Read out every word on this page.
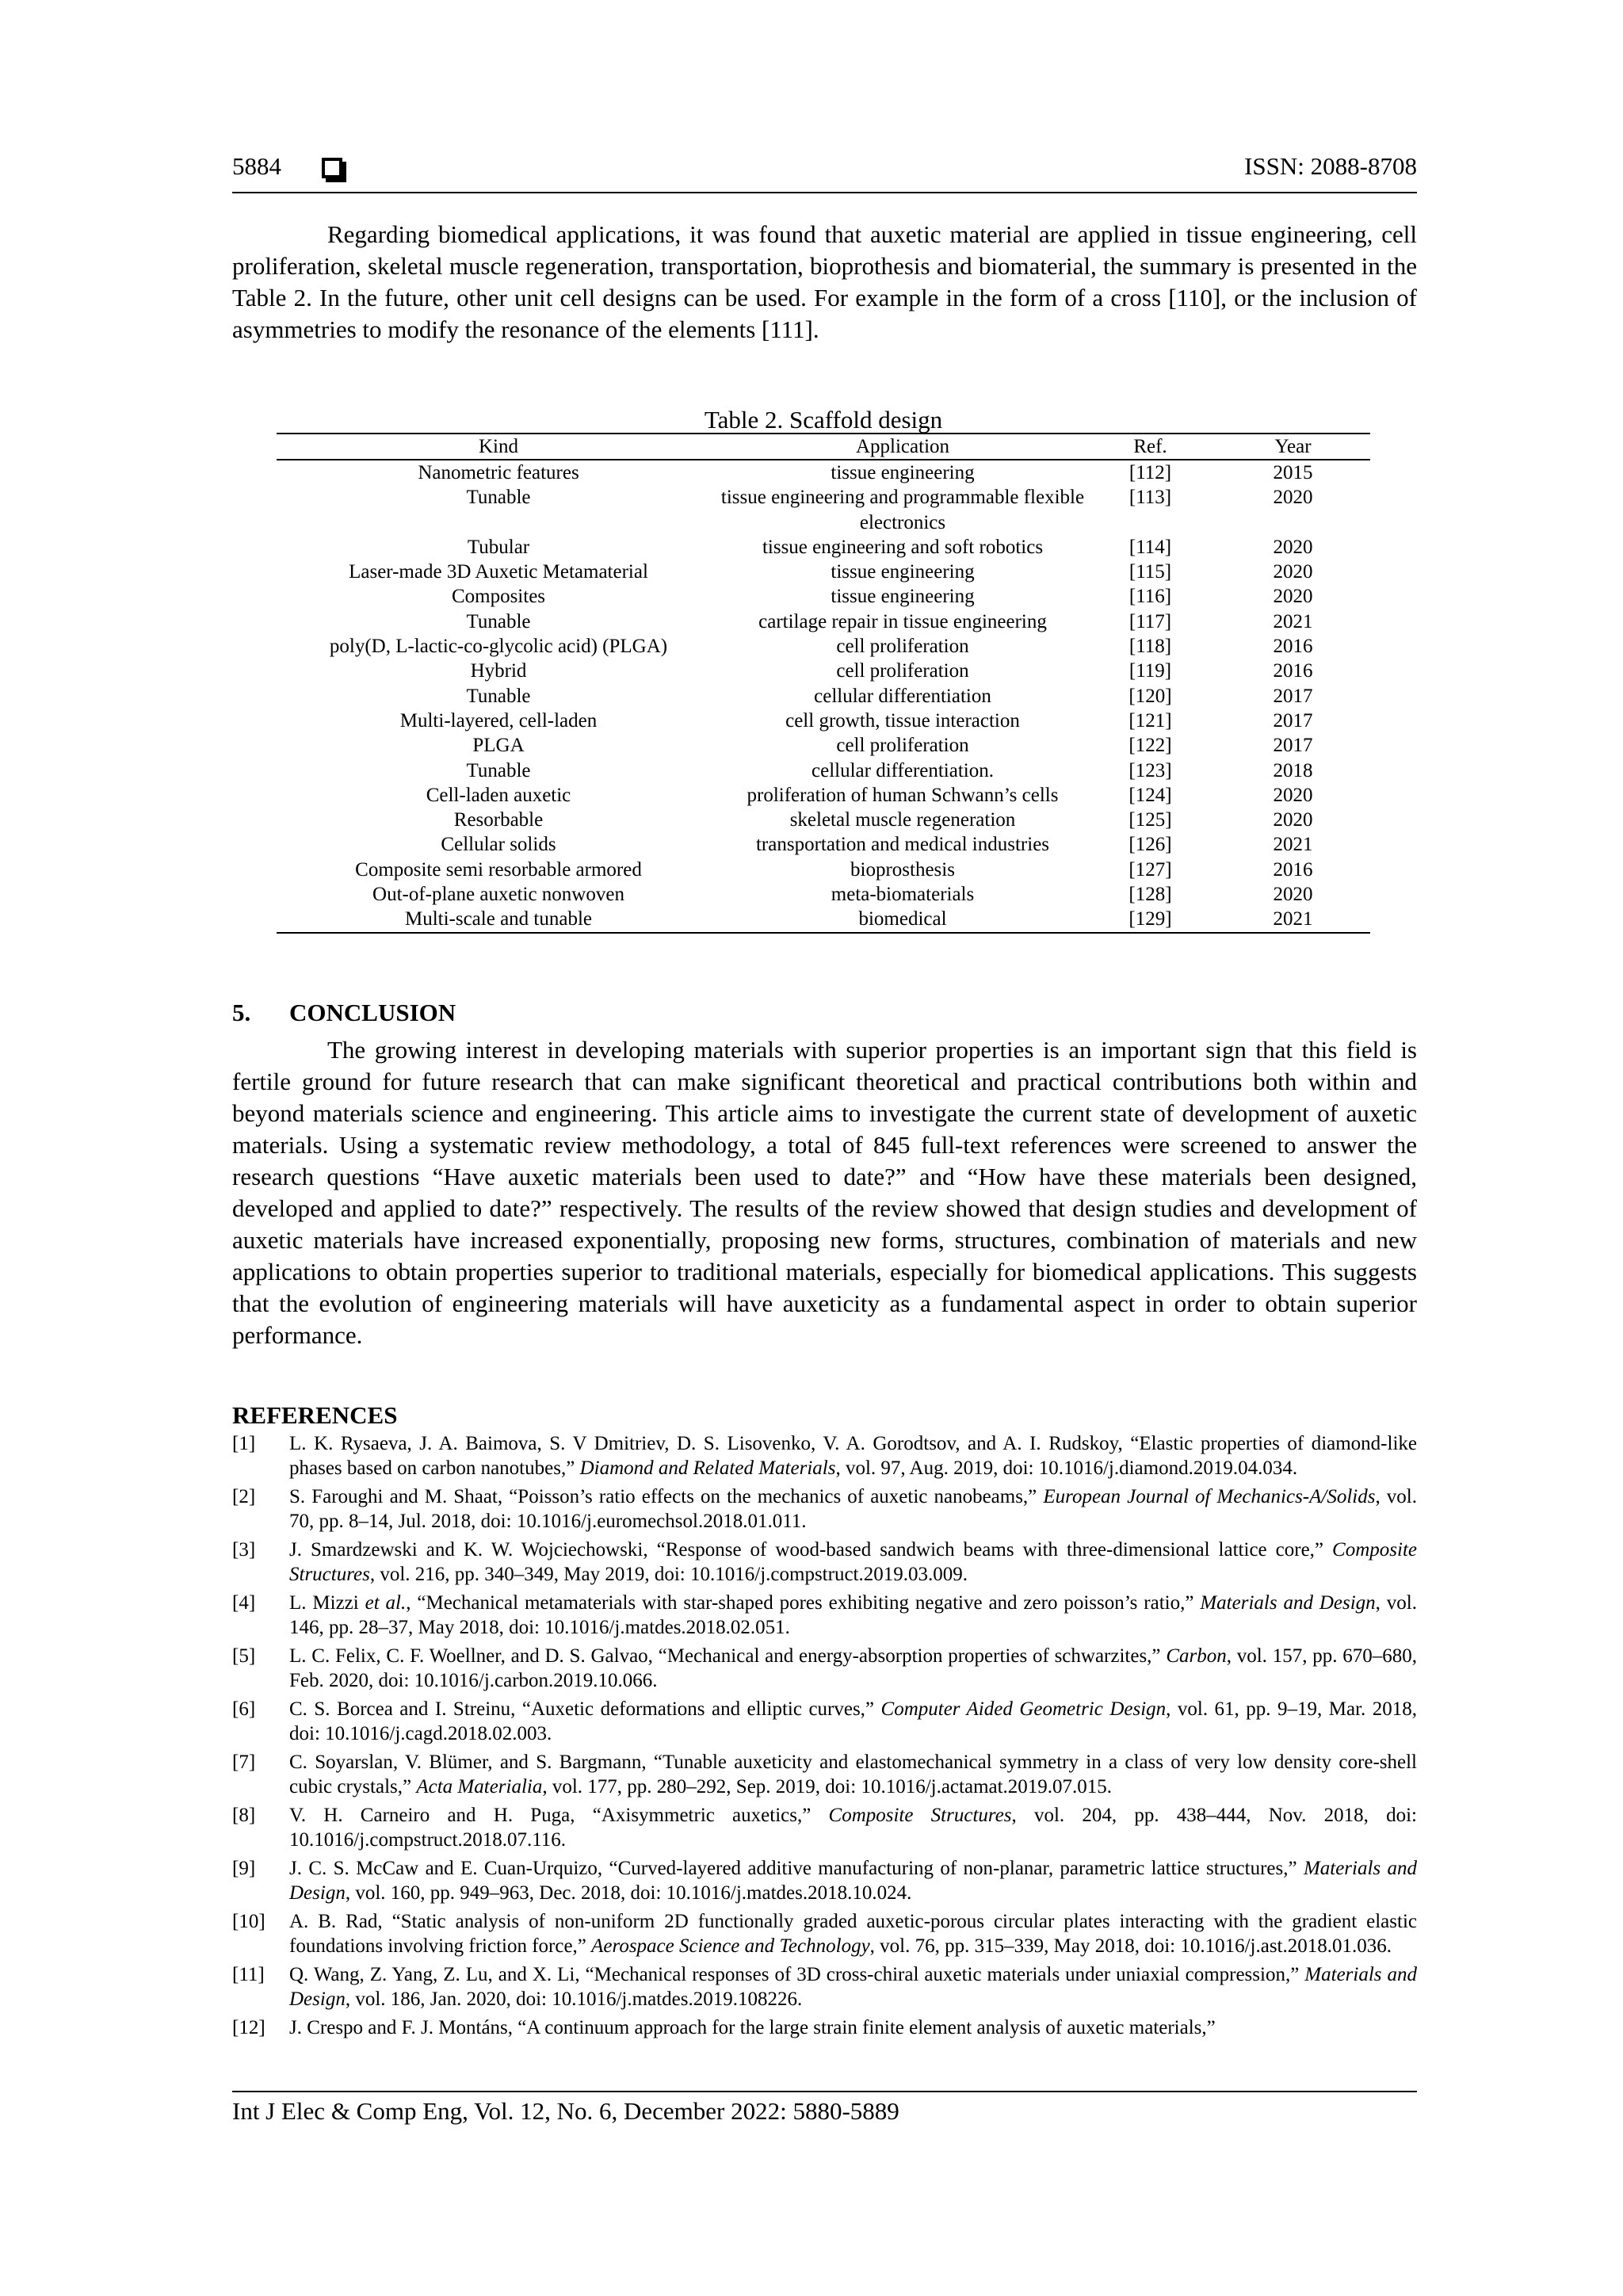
5884	ISSN: 2088-8708

Regarding biomedical applications, it was found that auxetic material are applied in tissue engineering, cell proliferation, skeletal muscle regeneration, transportation, bioprothesis and biomaterial, the summary is presented in the Table 2. In the future, other unit cell designs can be used. For example in the form of a cross [110], or the inclusion of asymmetries to modify the resonance of the elements [111].

Table 2. Scaffold design
Kind	Application	Ref.	Year
Nanometric features	tissue engineering	[112]	2015
Tunable	tissue engineering and programmable flexible electronics	[113]	2020
Tubular	tissue engineering and soft robotics	[114]	2020
Laser-made 3D Auxetic Metamaterial	tissue engineering	[115]	2020
Composites	tissue engineering	[116]	2020
Tunable	cartilage repair in tissue engineering	[117]	2021
poly(D, L-lactic-co-glycolic acid) (PLGA)	cell proliferation	[118]	2016
Hybrid	cell proliferation	[119]	2016
Tunable	cellular differentiation	[120]	2017
Multi-layered, cell-laden	cell growth, tissue interaction	[121]	2017
PLGA	cell proliferation	[122]	2017
Tunable	cellular differentiation.	[123]	2018
Cell-laden auxetic	proliferation of human Schwann’s cells	[124]	2020
Resorbable	skeletal muscle regeneration	[125]	2020
Cellular solids	transportation and medical industries	[126]	2021
Composite semi resorbable armored	bioprosthesis	[127]	2016
Out-of-plane auxetic nonwoven	meta-biomaterials	[128]	2020
Multi-scale and tunable	biomedical	[129]	2021
5. CONCLUSION

The growing interest in developing materials with superior properties is an important sign that this field is fertile ground for future research that can make significant theoretical and practical contributions both within and beyond materials science and engineering. This article aims to investigate the current state of development of auxetic materials. Using a systematic review methodology, a total of 845 full-text references were screened to answer the research questions “Have auxetic materials been used to date?” and “How have these materials been designed, developed and applied to date?” respectively. The results of the review showed that design studies and development of auxetic materials have increased exponentially, proposing new forms, structures, combination of materials and new applications to obtain properties superior to traditional materials, especially for biomedical applications. This suggests that the evolution of engineering materials will have auxeticity as a fundamental aspect in order to obtain superior performance.

REFERENCES
[1] L. K. Rysaeva, J. A. Baimova, S. V Dmitriev, D. S. Lisovenko, V. A. Gorodtsov, and A. I. Rudskoy, “Elastic properties of diamond-like phases based on carbon nanotubes,” Diamond and Related Materials, vol. 97, Aug. 2019, doi: 10.1016/j.diamond.2019.04.034.
[2] S. Faroughi and M. Shaat, “Poisson’s ratio effects on the mechanics of auxetic nanobeams,” European Journal of Mechanics-A/Solids, vol. 70, pp. 8–14, Jul. 2018, doi: 10.1016/j.euromechsol.2018.01.011.
[3] J. Smardzewski and K. W. Wojciechowski, “Response of wood-based sandwich beams with three-dimensional lattice core,” Composite Structures, vol. 216, pp. 340–349, May 2019, doi: 10.1016/j.compstruct.2019.03.009.
[4] L. Mizzi et al., “Mechanical metamaterials with star-shaped pores exhibiting negative and zero poisson’s ratio,” Materials and Design, vol. 146, pp. 28–37, May 2018, doi: 10.1016/j.matdes.2018.02.051.
[5] L. C. Felix, C. F. Woellner, and D. S. Galvao, “Mechanical and energy-absorption properties of schwarzites,” Carbon, vol. 157, pp. 670–680, Feb. 2020, doi: 10.1016/j.carbon.2019.10.066.
[6] C. S. Borcea and I. Streinu, “Auxetic deformations and elliptic curves,” Computer Aided Geometric Design, vol. 61, pp. 9–19, Mar. 2018, doi: 10.1016/j.cagd.2018.02.003.
[7] C. Soyarslan, V. Blümer, and S. Bargmann, “Tunable auxeticity and elastomechanical symmetry in a class of very low density core-shell cubic crystals,” Acta Materialia, vol. 177, pp. 280–292, Sep. 2019, doi: 10.1016/j.actamat.2019.07.015.
[8] V. H. Carneiro and H. Puga, “Axisymmetric auxetics,” Composite Structures, vol. 204, pp. 438–444, Nov. 2018, doi: 10.1016/j.compstruct.2018.07.116.
[9] J. C. S. McCaw and E. Cuan-Urquizo, “Curved-layered additive manufacturing of non-planar, parametric lattice structures,” Materials and Design, vol. 160, pp. 949–963, Dec. 2018, doi: 10.1016/j.matdes.2018.10.024.
[10] A. B. Rad, “Static analysis of non-uniform 2D functionally graded auxetic-porous circular plates interacting with the gradient elastic foundations involving friction force,” Aerospace Science and Technology, vol. 76, pp. 315–339, May 2018, doi: 10.1016/j.ast.2018.01.036.
[11] Q. Wang, Z. Yang, Z. Lu, and X. Li, “Mechanical responses of 3D cross-chiral auxetic materials under uniaxial compression,” Materials and Design, vol. 186, Jan. 2020, doi: 10.1016/j.matdes.2019.108226.
[12] J. Crespo and F. J. Montáns, “A continuum approach for the large strain finite element analysis of auxetic materials,”
Int J Elec & Comp Eng, Vol. 12, No. 6, December 2022: 5880-5889
